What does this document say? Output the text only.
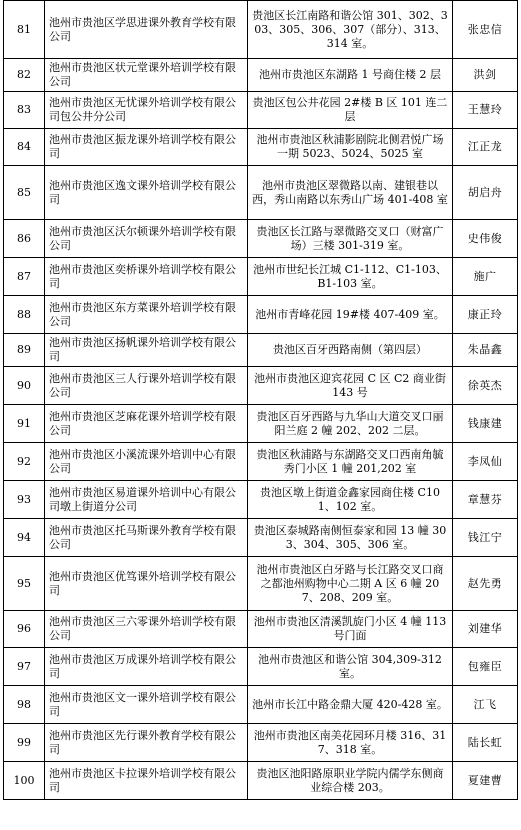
81	池州市贵池区学思进课外教育学校有限公司	贵池区长江南路和谐公馆 301、302、303、305、306、307（部分）、313、314 室。	张忠信
82	池州市贵池区状元堂课外培训学校有限公司	池州市贵池区东湖路 1 号商住楼 2 层	洪剑
83	池州市贵池区无忧课外培训学校有限公司包公井分公司	贵池区包公井花园 2#楼 B 区 101 连二层	王慧玲
84	池州市贵池区振龙课外培训学校有限公司	池州市贵池区秋浦影剧院北侧君悦广场一期 5023、5024、5025 室	江正龙
85	池州市贵池区逸文课外培训学校有限公司	池州市贵池区翠微路以南、建银巷以西，秀山南路以东秀山广场 401-408 室	胡启舟
86	池州市贵池区沃尔顿课外培训学校有限公司	贵池区长江路与翠微路交叉口（财富广场）三楼 301-319 室。	史伟俊
87	池州市贵池区奕桥课外培训学校有限公司	池州市世纪长江城 C1-112、C1-103、B1-103 室。	施广
88	池州市贵池区东方菜课外培训学校有限公司	池州市青峰花园 19#楼 407-409 室。	康正玲
89	池州市贵池区扬帆课外培训学校有限公司	贵池区百牙西路南侧（第四层）	朱晶鑫
90	池州市贵池区三人行课外培训学校有限公司	池州市贵池区迎宾花园 C 区 C2 商业街 143 号	徐英杰
91	池州市贵池区芝麻花课外培训学校有限公司	贵池区百牙西路与九华山大道交叉口丽阳兰庭 2 幢 202、202 二层。	钱康建
92	池州市贵池区小溪流课外培训中心有限公司	贵池区秋浦路与东湖路交叉口西南角毓秀门小区 1 幢 201,202 室	李凤仙
93	池州市贵池区易道课外培训中心有限公司墩上街道分公司	贵池区墩上街道金鑫家园商住楼 C101、102 室。	章慧芬
94	池州市贵池区托马斯课外教育学校有限公司	贵池区泰城路南侧恒泰家和园 13 幢 303、304、305、306 室。	钱江宁
95	池州市贵池区优笃课外培训学校有限公司	池州市贵池区白牙路与长江路交叉口商之都池州购物中心二期 A 区 6 幢 207、208、209 室。	赵先勇
96	池州市贵池区三六零课外培训学校有限公司	池州市贵池区清溪凯旋门小区 4 幢 113 号门面	刘建华
97	池州市贵池区万成课外培训学校有限公司	池州市贵池区和谐公馆 304,309-312 室。	包雍臣
98	池州市贵池区文一课外培训学校有限公司	池州市长江中路金鼎大厦 420-428 室。	江飞
99	池州市贵池区先行课外教育学校有限公司	池州市贵池区南美花园环月楼 316、317、318 室。	陆长虹
100	池州市贵池区卡拉课外培训学校有限公司	贵池区池阳路原职业学院内儒学东侧商业综合楼 203。	夏建曹
